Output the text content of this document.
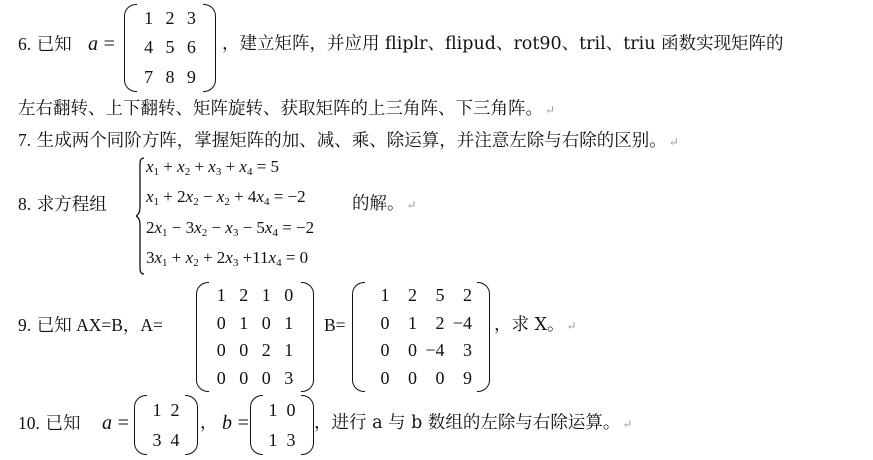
6. 已知 a =
1 2 3
4 5 6
7 8 9
，建立矩阵，并应用 fliplr、flipud、rot90、tril、triu 函数实现矩阵的
左右翻转、上下翻转、矩阵旋转、获取矩阵的上三角阵、下三角阵。 ↵
7. 生成两个同阶方阵，掌握矩阵的加、减、乘、除运算，并注意左除与右除的区别。 ↵
8. 求方程组
$x_1 + x_2 + x_3 + x_4 = 5$
$x_1 + 2x_2 - x_2 + 4x_4 = -2$
$2x_1 - 3x_2 - x_3 - 5x_4 = -2$
$3x_1 + x_2 + 2x_3 +11x_4 = 0$
的解。 ↵
9. 已知 AX=B，A=
1 2 1 0
0 1 0 1
0 0 2 1
0 0 0 3
B=
1	2	5	2
0	1	2 −4
0	0 −4	3
0	0	0	9
，求 X。 ↵
10. 已知 a =
1 2
3 4
， b =
1 0
1 3
，进行 a 与 b 数组的左除与右除运算。 ↵
